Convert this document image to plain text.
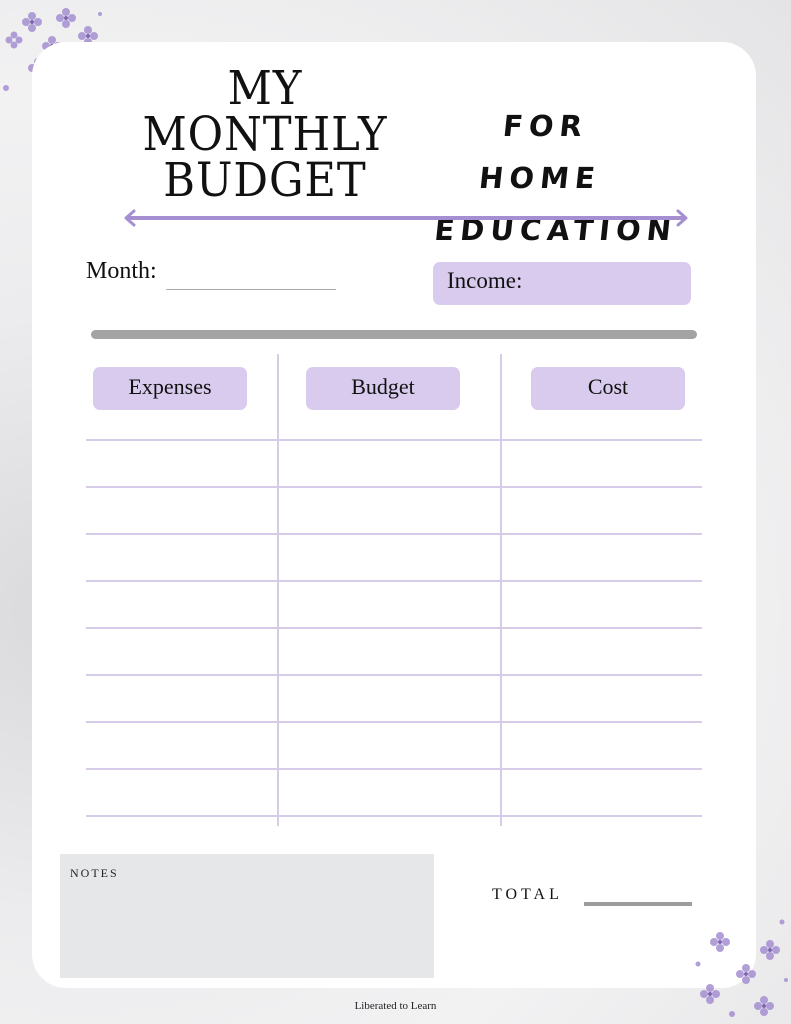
MY
MONTHLY
BUDGET
FOR HOME
EDUCATION
Month:	Income:
Expenses	Budget	Cost
NOTES
TOTAL
Liberated to Learn
